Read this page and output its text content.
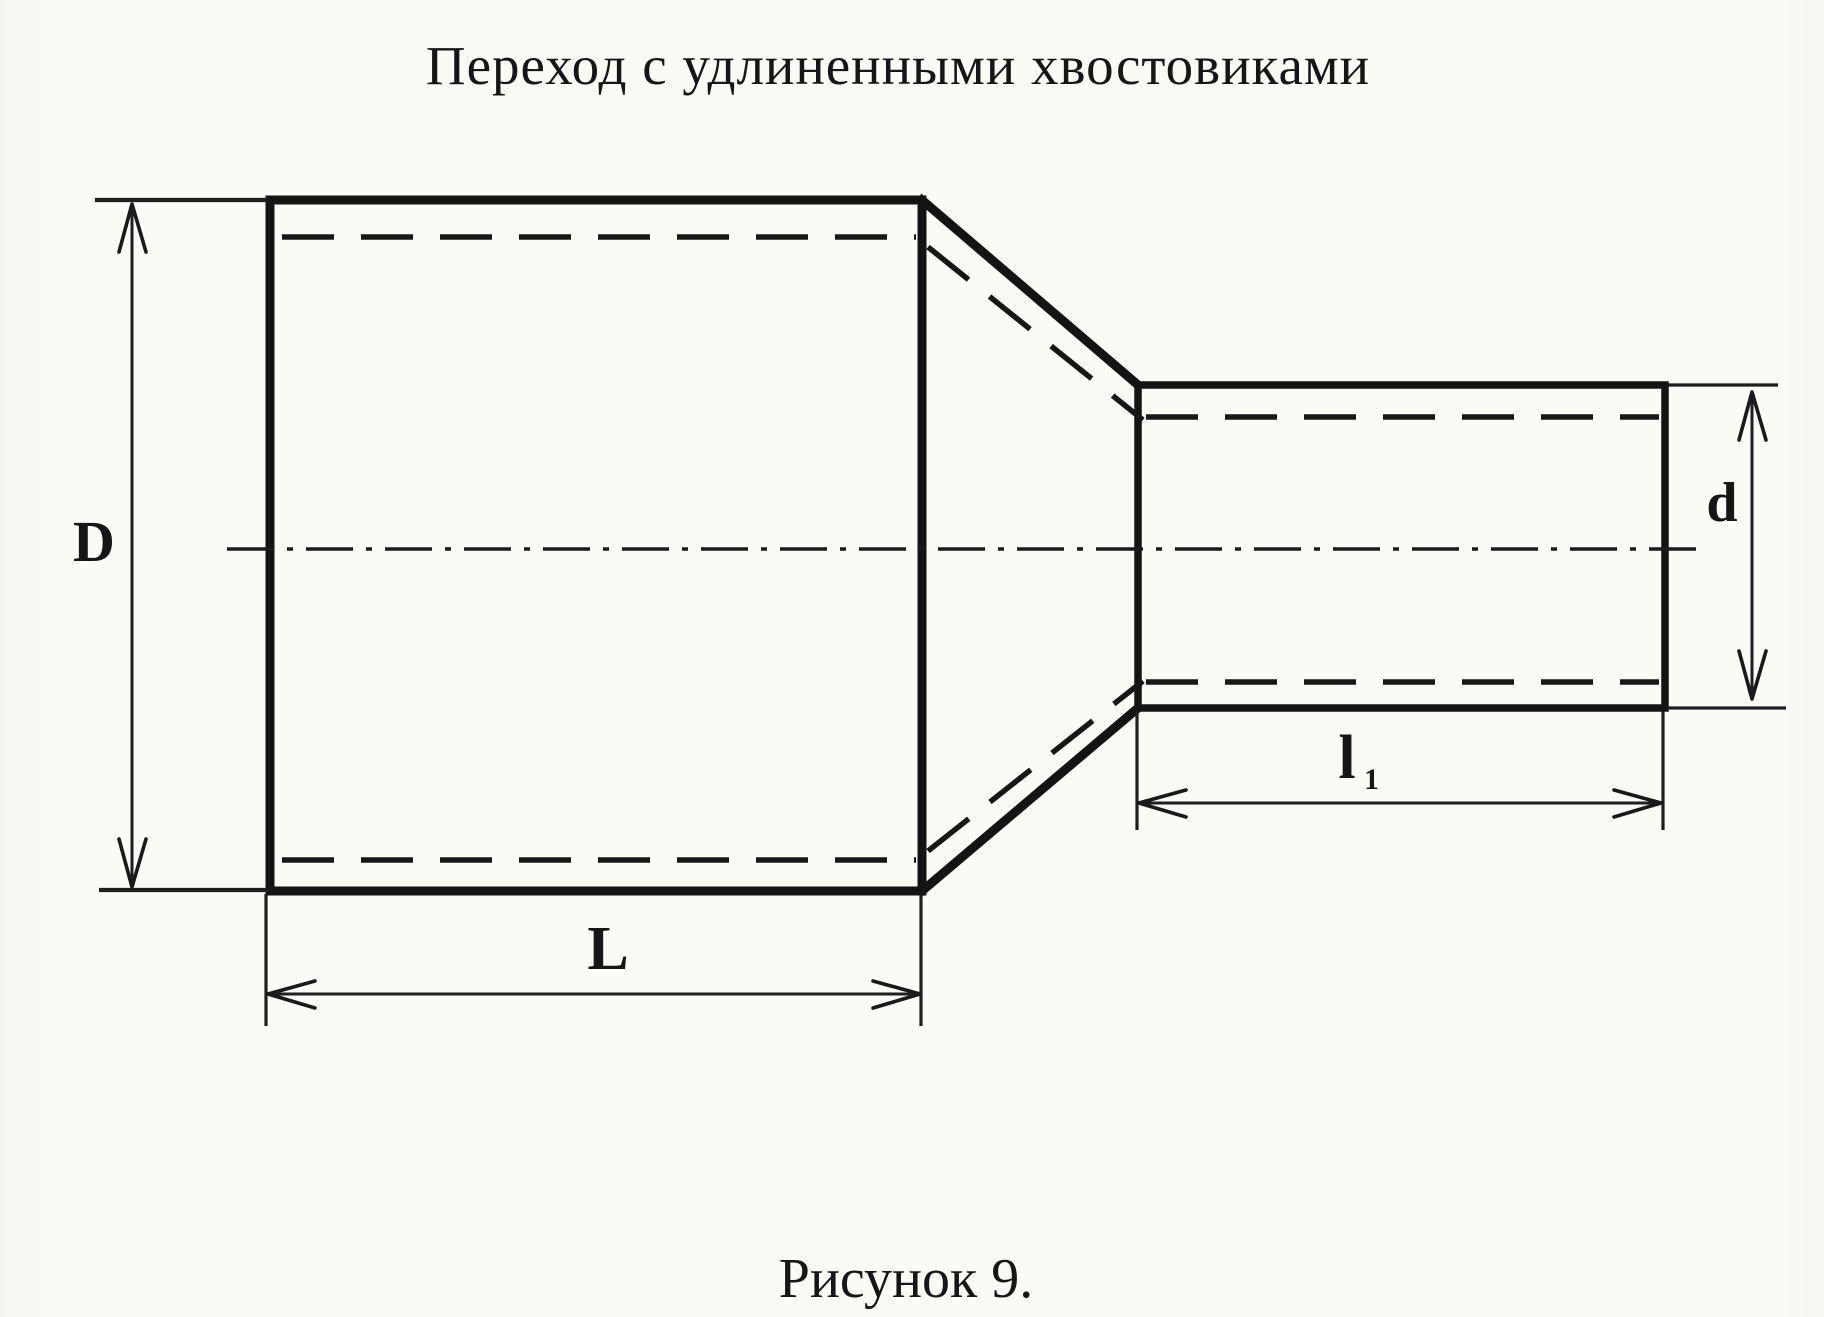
Переход с удлиненными хвостовиками
D
d
L
l 1
Рисунок 9.
